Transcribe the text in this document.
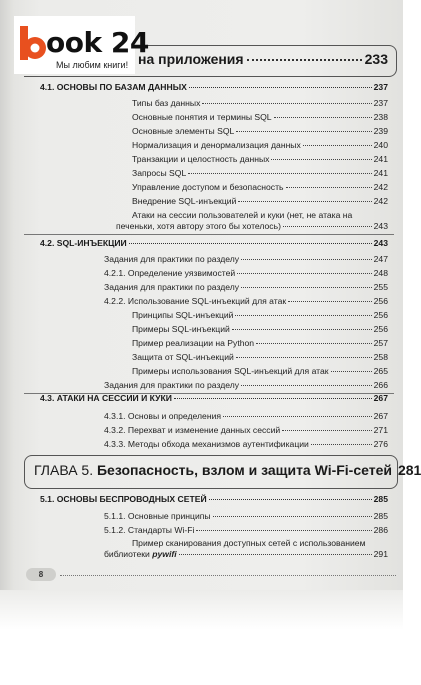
ook 24
Мы любим книги! на приложения	233
4.1. ОСНОВЫ ПО БАЗАМ ДАННЫХ	237
Типы баз данных	237
Основные понятия и термины SQL	238
Основные элементы SQL	239
Нормализация и денормализация данных	240
Транзакции и целостность данных	241
Запросы SQL	241
Управление доступом и безопасность	242
Внедрение SQL-инъекций	242
Атаки на сессии пользователей и куки (нет, не атака на
печеньки, хотя автору этого бы хотелось)	243
4.2. SQL-ИНЪЕКЦИИ	243
Задания для практики по разделу	247
4.2.1. Определение уязвимостей	248
Задания для практики по разделу	255
4.2.2. Использование SQL-инъекций для атак	256
Принципы SQL-инъекций	256
Примеры SQL-инъекций	256
Пример реализации на Python	257
Защита от SQL-инъекций	258
Примеры использования SQL-инъекций для атак	265
Задания для практики по разделу	266
4.3. АТАКИ НА СЕССИИ И КУКИ	267
4.3.1. Основы и определения	267
4.3.2. Перехват и изменение данных сессий	271
4.3.3. Методы обхода механизмов аутентификации	276
ГЛАВА 5. Безопасность, взлом и защита Wi-Fi-сетей 281
5.1. ОСНОВЫ БЕСПРОВОДНЫХ СЕТЕЙ	285
5.1.1. Основные принципы	285
5.1.2. Стандарты Wi-Fi	286
Пример сканирования доступных сетей с использованием
библиотеки pywifi	291
8
